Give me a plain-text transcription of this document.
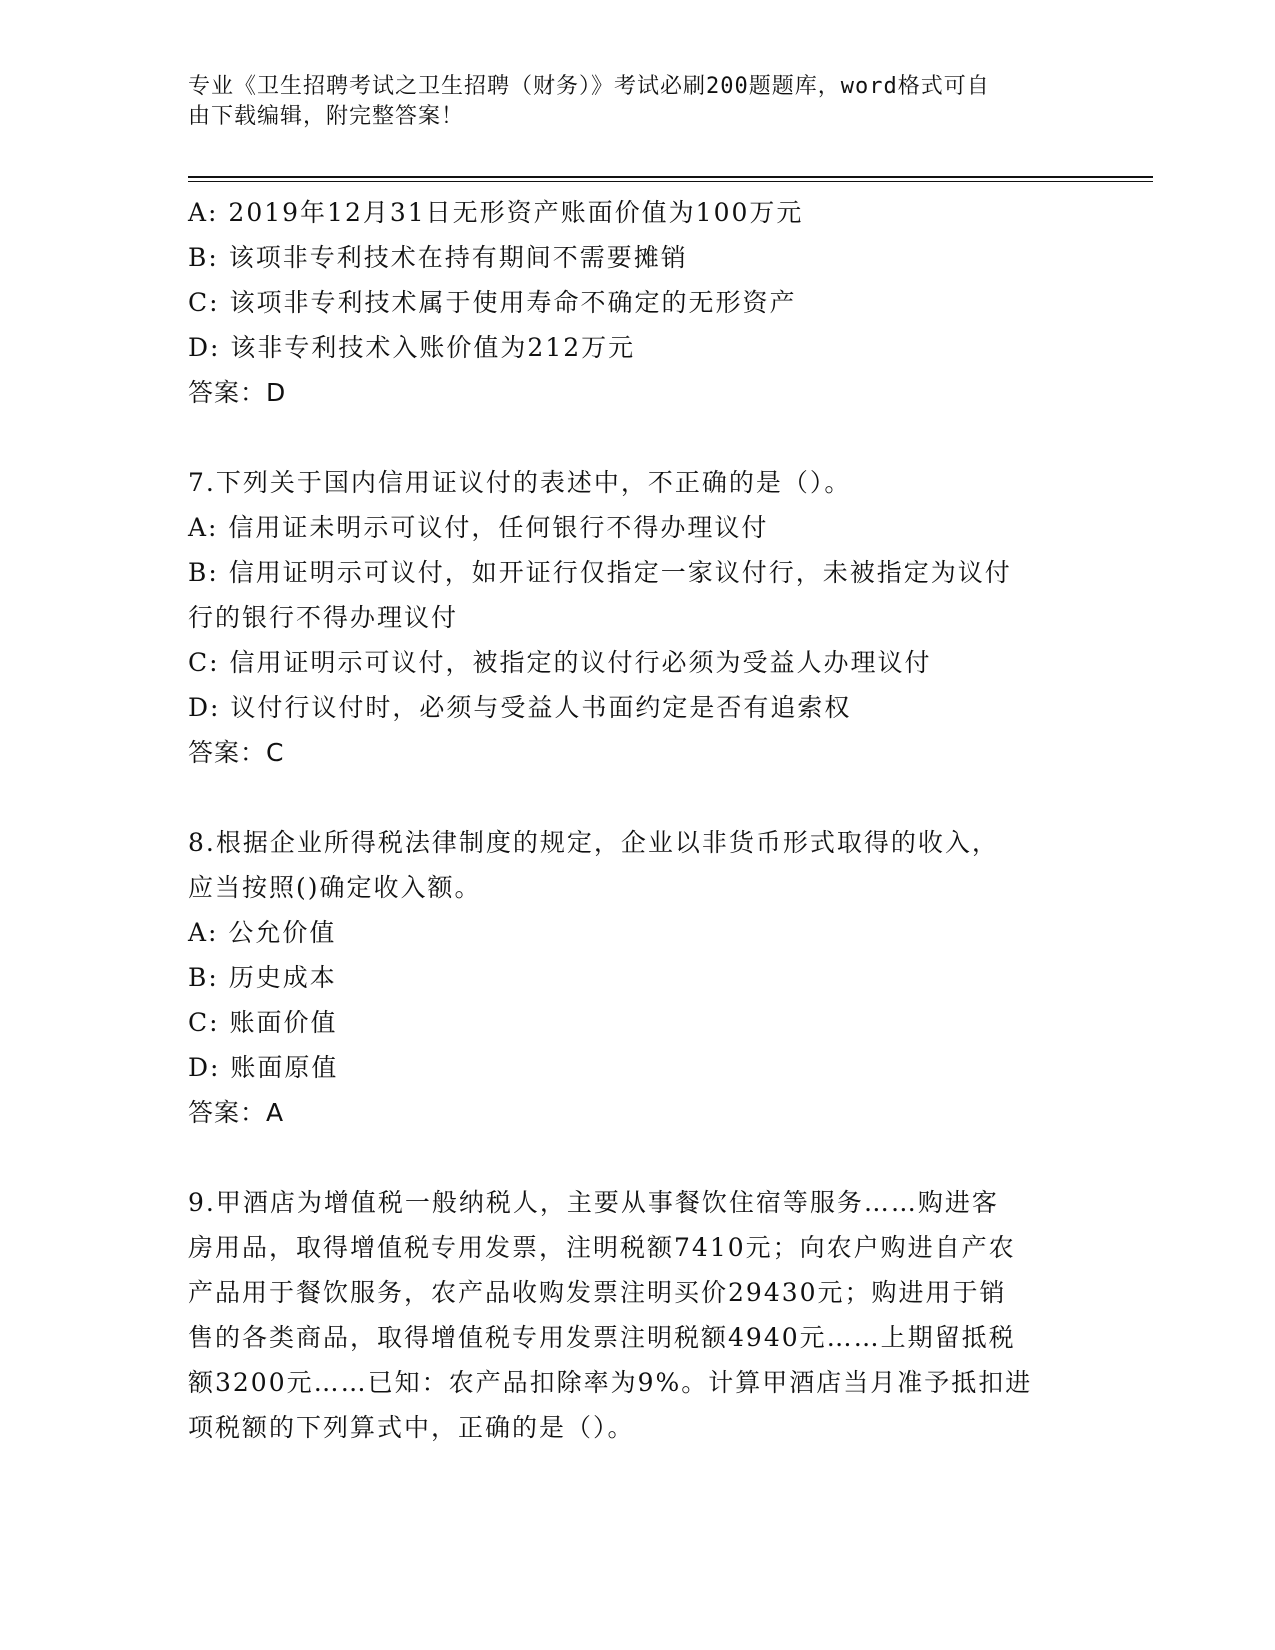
专业《卫生招聘考试之卫生招聘（财务）》考试必刷200题题库，word格式可自
由下载编辑，附完整答案！
A: 2019年12月31日无形资产账面价值为100万元
B: 该项非专利技术在持有期间不需要摊销
C: 该项非专利技术属于使用寿命不确定的无形资产
D: 该非专利技术入账价值为212万元
答案：D
7.下列关于国内信用证议付的表述中，不正确的是（）。
A: 信用证未明示可议付，任何银行不得办理议付
B: 信用证明示可议付，如开证行仅指定一家议付行，未被指定为议付
行的银行不得办理议付
C: 信用证明示可议付，被指定的议付行必须为受益人办理议付
D: 议付行议付时，必须与受益人书面约定是否有追索权
答案：C
8.根据企业所得税法律制度的规定，企业以非货币形式取得的收入，
应当按照()确定收入额。
A: 公允价值
B: 历史成本
C: 账面价值
D: 账面原值
答案：A
9.甲酒店为增值税一般纳税人，主要从事餐饮住宿等服务……购进客
房用品，取得增值税专用发票，注明税额7410元；向农户购进自产农
产品用于餐饮服务，农产品收购发票注明买价29430元；购进用于销
售的各类商品，取得增值税专用发票注明税额4940元……上期留抵税
额3200元……已知：农产品扣除率为9%。计算甲酒店当月准予抵扣进
项税额的下列算式中，正确的是（）。
